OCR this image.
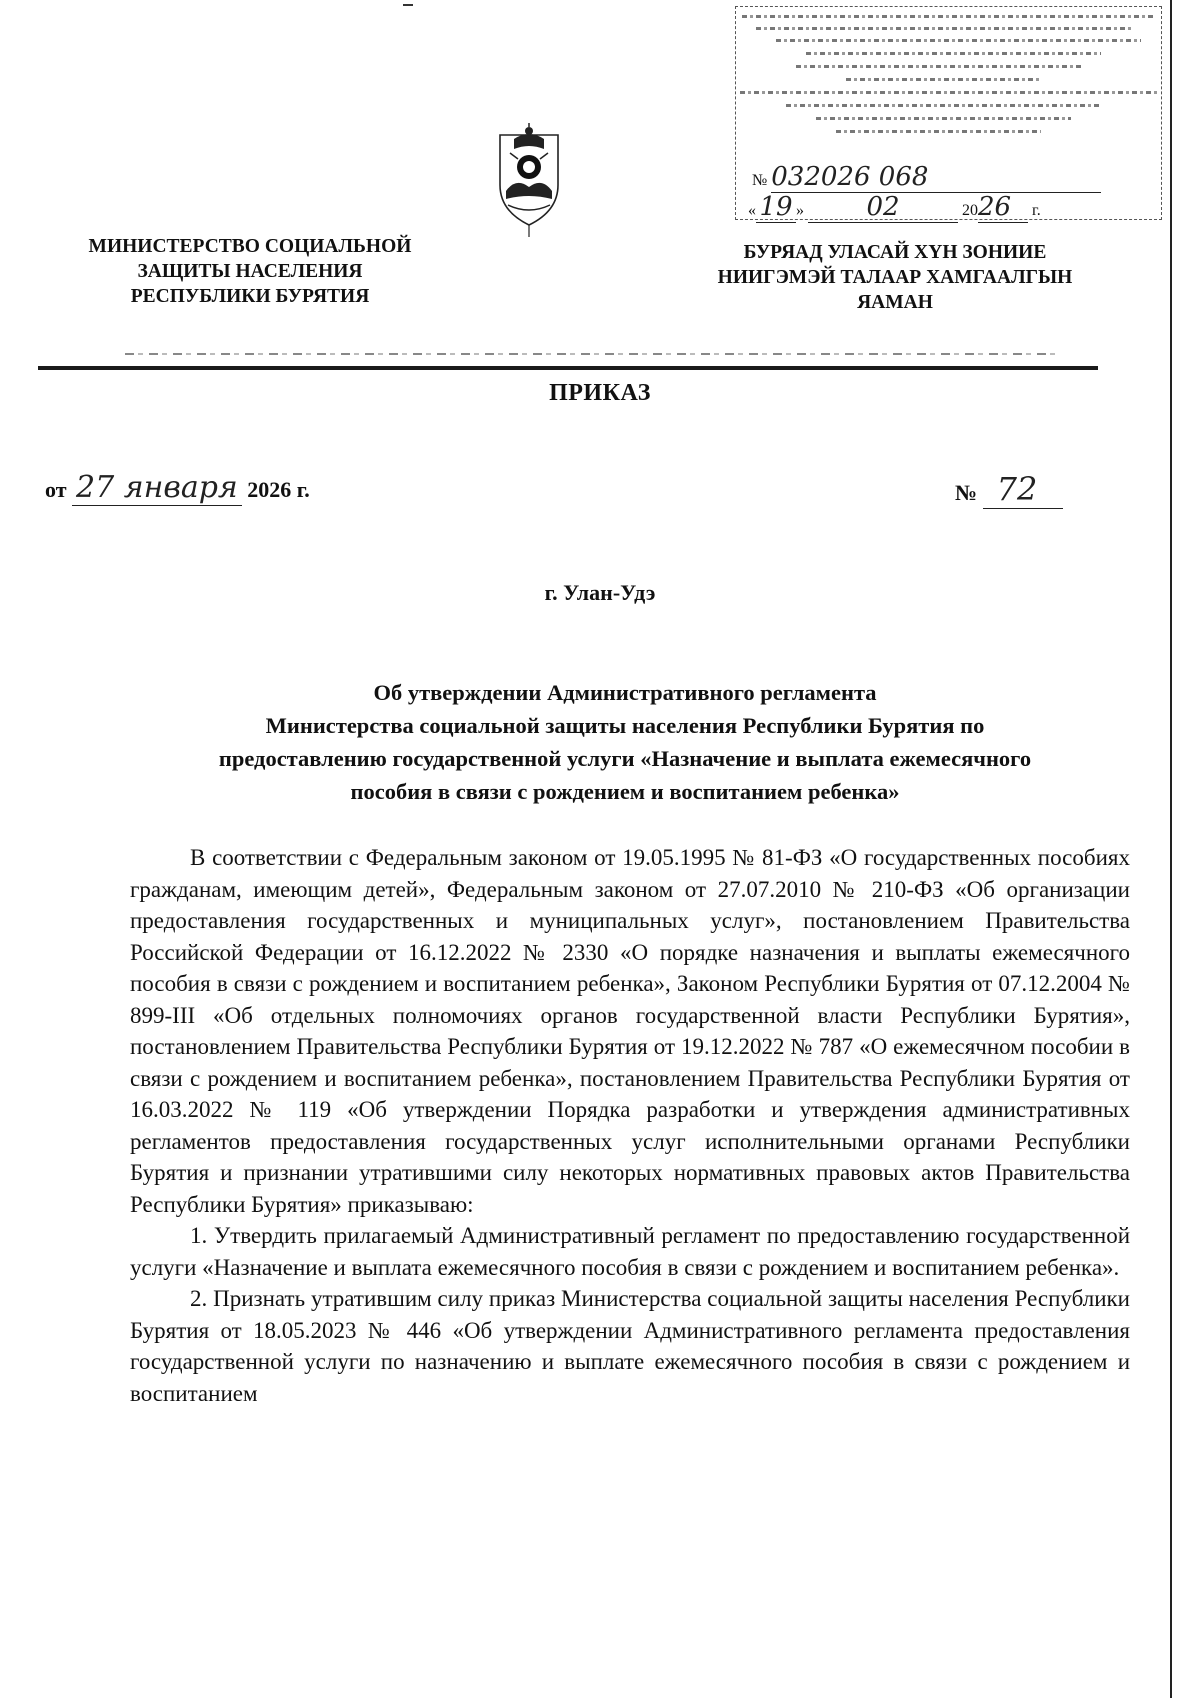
№ 032026 068
« 19 » 02	2026 г.
МИНИСТЕРСТВО СОЦИАЛЬНОЙ
ЗАЩИТЫ НАСЕЛЕНИЯ
РЕСПУБЛИКИ БУРЯТИЯ
БУРЯАД УЛАСАЙ ХYН ЗОНИИЕ
НИИГЭМЭЙ ТАЛААР ХАМГААЛГЫН
ЯАМАН
ПРИКАЗ
от 27 января 2026 г.	№ 72
г. Улан-Удэ
Об утверждении Административного регламента
Министерства социальной защиты населения Республики Бурятия по
предоставлению государственной услуги «Назначение и выплата ежемесячного
пособия в связи с рождением и воспитанием ребенка»

В соответствии с Федеральным законом от 19.05.1995 № 81-ФЗ «О государственных пособиях гражданам, имеющим детей», Федеральным законом от 27.07.2010 № 210-ФЗ «Об организации предоставления государственных и муниципальных услуг», постановлением Правительства Российской Федерации от 16.12.2022 № 2330 «О порядке назначения и выплаты ежемесячного пособия в связи с рождением и воспитанием ребенка», Законом Республики Бурятия от 07.12.2004 № 899-III «Об отдельных полномочиях органов государственной власти Республики Бурятия», постановлением Правительства Республики Бурятия от 19.12.2022 № 787 «О ежемесячном пособии в связи с рождением и воспитанием ребенка», постановлением Правительства Республики Бурятия от 16.03.2022 № 119 «Об утверждении Порядка разработки и утверждения административных регламентов предоставления государственных услуг исполнительными органами Республики Бурятия и признании утратившими силу некоторых нормативных правовых актов Правительства Республики Бурятия» приказываю:

1. Утвердить прилагаемый Административный регламент по предоставлению государственной услуги «Назначение и выплата ежемесячного пособия в связи с рождением и воспитанием ребенка».

2. Признать утратившим силу приказ Министерства социальной защиты населения Республики Бурятия от 18.05.2023 № 446 «Об утверждении Административного регламента предоставления государственной услуги по назначению и выплате ежемесячного пособия в связи с рождением и воспитанием
